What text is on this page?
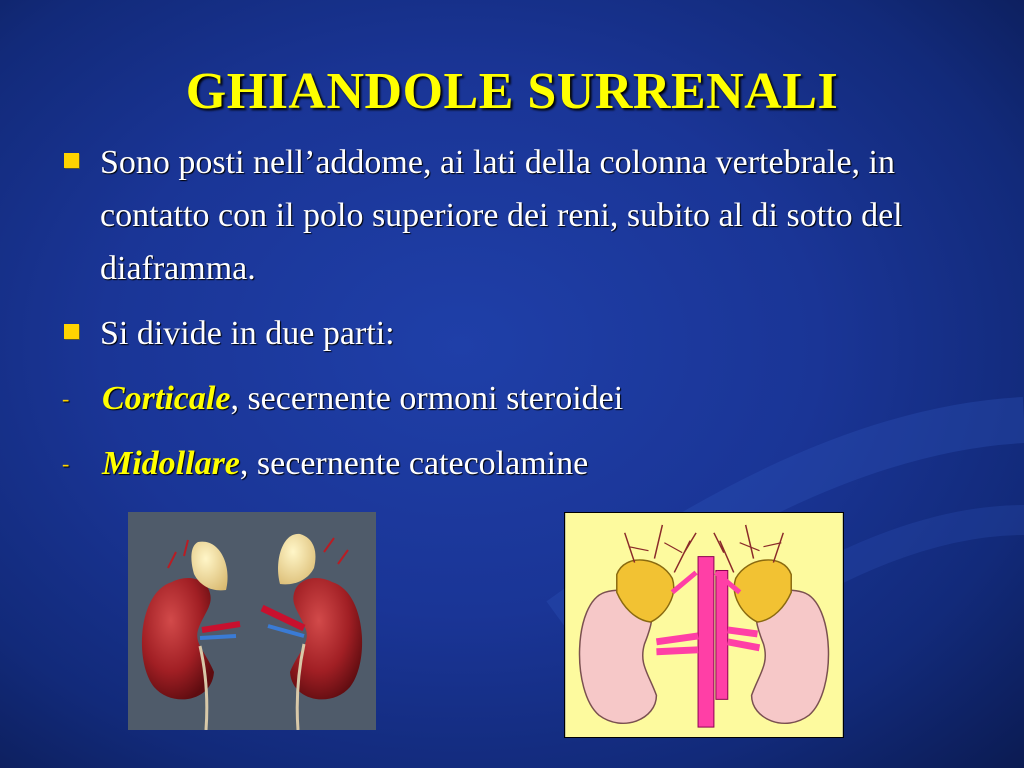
GHIANDOLE SURRENALI
Sono posti nell’addome, ai lati della colonna vertebrale, in contatto con il polo superiore dei reni, subito al di sotto del diaframma.
Si divide in due parti:
- Corticale, secernente ormoni steroidei
- Midollare, secernente catecolamine
